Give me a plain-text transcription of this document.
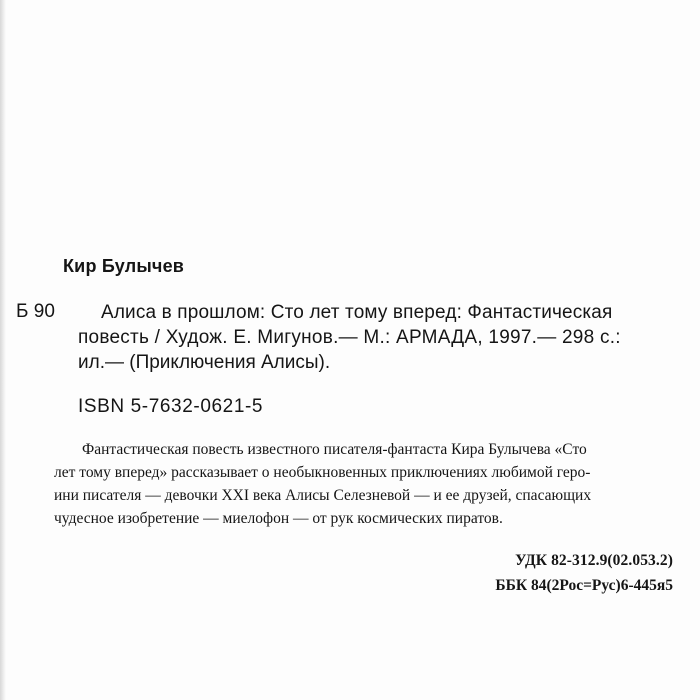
Кир Булычев
Б 90	Алиса в прошлом: Сто лет тому вперед: Фантастическая
повесть / Худож. Е. Мигунов.— М.: АРМАДА, 1997.— 298 с.:
ил.— (Приключения Алисы).
ISBN 5-7632-0621-5
Фантастическая повесть известного писателя-фантаста Кира Булычева «Сто
лет тому вперед» рассказывает о необыкновенных приключениях любимой геро-
ини писателя — девочки XXI века Алисы Селезневой — и ее друзей, спасающих
чудесное изобретение — миелофон — от рук космических пиратов.
УДК 82-312.9(02.053.2)
ББК 84(2Рос=Рус)6-445я5
